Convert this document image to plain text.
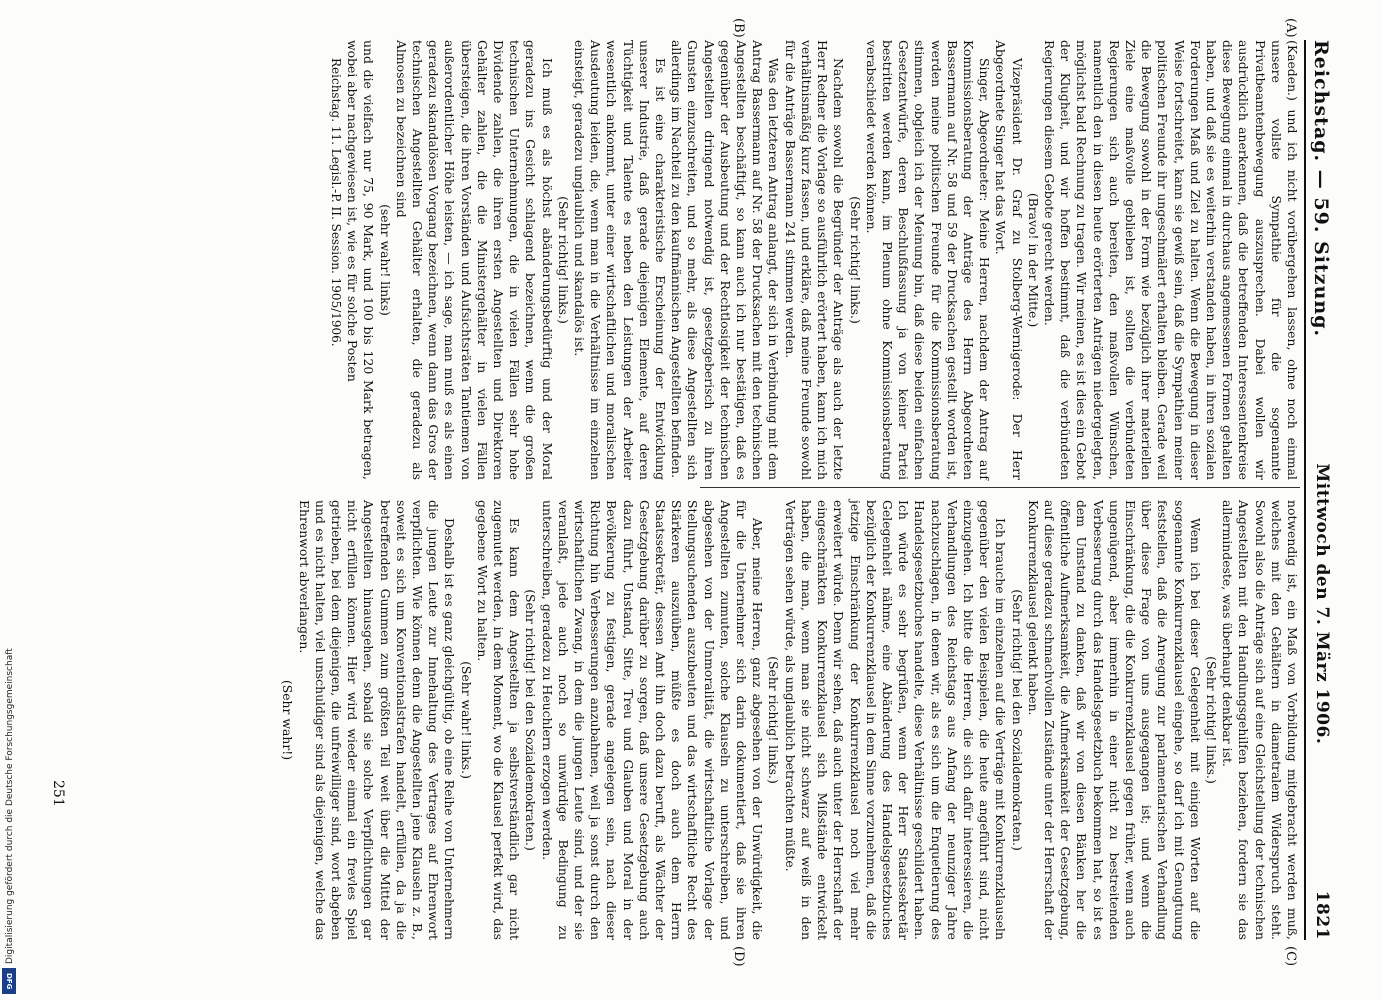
Digitalisierung gefördert durch die Deutsche Forschungsgemeinschaft
DFG
Reichstag. — 59. Sitzung.
Mittwoch den 7. März 1906. 1821
(A)
(B)
(C)
(D)

(Kaeden.) und ich nicht vorübergehen lassen, ohne noch einmal unsere vollste Sympathie für die sogenannte Privatbeamtenbewegung auszusprechen. Dabei wollen wir ausdrücklich anerkennen, daß die betreffenden Interessentenkreise diese Bewegung einmal in durchaus angemessenen Formen gehalten haben, und daß sie es weiterhin verstanden haben, in ihren sozialen Forderungen Maß und Ziel zu halten. Wenn die Bewegung in dieser Weise fortschreitet, kann sie gewiß sein, daß die Sympathien meiner politischen Freunde ihr ungeschmälert erhalten bleiben. Gerade weil die Bewegung sowohl in der Form wie bezüglich ihrer materiellen Ziele eine maßvolle geblieben ist, sollten die verbündeten Regierungen sich auch bereiten, den maßvollen Wünschen, namentlich den in diesen heute erörterten Anträgen niedergelegten, möglichst bald Rechnung zu tragen. Wir meinen, es ist dies ein Gebot der Klugheit, und wir hoffen bestimmt, daß die verbündeten Regierungen diesem Gebote gerecht werden.

(Bravo! in der Mitte.)

Vizepräsident Dr. Graf zu Stolberg-Wernigerode: Der Herr Abgeordnete Singer hat das Wort.

Singer, Abgeordneter: Meine Herren, nachdem der Antrag auf Kommissionsberatung der Anträge des Herrn Abgeordneten Bassermann auf Nr. 58 und 59 der Drucksachen gestellt worden ist, werden meine politischen Freunde für die Kommissionsberatung stimmen, obgleich ich der Meinung bin, daß diese beiden einfachen Gesetzentwürfe, deren Beschlußfassung ja von keiner Partei bestritten werden kann, im Plenum ohne Kommissionsberatung verabschiedet werden können.

(Sehr richtig! links.)

Nachdem sowohl die Begründer der Anträge als auch der letzte Herr Redner die Vorlage so ausführlich erörtert haben, kann ich mich verhältnismäßig kurz fassen, und erkläre, daß meine Freunde sowohl für die Anträge Bassermann 241 stimmen werden.

Was den letzteren Antrag anlangt, der sich in Verbindung mit dem Antrag Bassermann auf Nr. 58 der Drucksachen mit den technischen Angestellten beschäftigt, so kann auch ich nur bestätigen, daß es gegenüber der Ausbeutung und der Rechtlosigkeit der technischen Angestellten dringend notwendig ist, gesetzgeberisch zu ihren Gunsten einzuschreiten, und so mehr, als diese Angestellten sich allerdings im Nachteil zu den kaufmännischen Angestellten befinden.

Es ist eine charakteristische Erscheinung der Entwicklung unserer Industrie, daß gerade diejenigen Elemente, auf deren Tüchtigkeit und Talente es neben den Leistungen der Arbeiter wesentlich ankommt, unter einer wirtschaftlichen und moralischen Ausdeutung leiden, die, wenn man in die Verhältnisse im einzelnen einsteigt, geradezu unglaublich und skandalös ist.

(Sehr richtig! links.)

Ich muß es als höchst abänderungsbedürftig und der Moral geradezu ins Gesicht schlagend bezeichnen, wenn die großen technischen Unternehmungen, die in vielen Fällen sehr hohe Dividende zahlen, die ihren ersten Angestellten und Direktoren Gehälter zahlen, die die Ministergehälter in vielen Fällen übersteigen, die ihren Vorständen und Aufsichtsräten Tantiemen von außerordentlicher Höhe leisten, — ich sage, man muß es als einen geradezu skandalösen Vorgang bezeichnen, wenn dann das Gros der technischen Angestellten Gehälter erhalten, die geradezu als Almosen zu bezeichnen sind

(sehr wahr! links)

und die vielfach nur 75, 90 Mark, und 100 bis 120 Mark betragen, wobei aber nachgewiesen ist, wie es für solche Posten

Reichstag. 11. Legisl.-P. II. Session. 1905/1906.

notwendig ist, ein Maß von Vorbildung mitgebracht werden muß, welches mit den Gehältern in diametralem Widerspruch steht. Sowohl also die Anträge sich auf eine Gleichstellung der technischen Angestellten mit den Handlungsgehilfen beziehen, fordern sie das allermindeste, was überhaupt denkbar ist.

(Sehr richtig! links.)

Wenn ich bei dieser Gelegenheit mit einigen Worten auf die sogenannte Konkurrenzklausel eingehe, so darf ich mit Genugtuung feststellen, daß die Anregung zur parlamentarischen Verhandlung über diese Frage von uns ausgegangen ist; und wenn die Einschränkung, die die Konkurrenzklausel gegen früher, wenn auch ungenügend, aber immerhin in einer nicht zu bestreitenden Verbesserung durch das Handelsgesetzbuch bekommen hat, so ist es dem Umstand zu danken, daß wir von diesen Bänken her die öffentliche Aufmerksamkeit, die Aufmerksamkeit der Gesetzgebung, auf diese geradezu schmachvollen Zustände unter der Herrschaft der Konkurrenzklausel gelenkt haben.

(Sehr richtig! bei den Sozialdemokraten.)

Ich brauche im einzelnen auf die Verträge mit Konkurrenzklauseln gegenüber den vielen Beispielen, die heute angeführt sind, nicht einzugehen. Ich bitte die Herren, die sich dafür interessieren, die Verhandlungen des Reichstags aus Anfang der neunziger Jahre nachzuschlagen, in denen wir, als es sich um die Enquetierung des Handelsgesetzbuches handelte, diese Verhältnisse geschildert haben. Ich würde es sehr begrüßen, wenn der Herr Staatssekretär Gelegenheit nähme, eine Abänderung des Handelsgesetzbuches bezüglich der Konkurrenzklausel in dem Sinne vorzunehmen, daß die jetzige Einschränkung der Konkurrenzklausel noch viel mehr erweitert würde. Denn wir sehen, daß auch unter der Herrschaft der eingeschränkten Konkurrenzklausel sich Mißstände entwickelt haben, die man, wenn man sie nicht schwarz auf weiß in den Verträgen sehen würde, als unglaublich betrachten müßte.

(Sehr richtig! links.)

Aber, meine Herren, ganz abgesehen von der Unwürdigkeit, die für die Unternehmer sich darin dokumentiert, daß sie ihren Angestellten zumuten, solche Klauseln zu unterschreiben, und abgesehen von der Unmoralität, die wirtschaftliche Vorlage der Stellungsuchenden auszubeuten und das wirtschaftliche Recht des Stärkeren auszuüben, müßte es doch auch dem Herrn Staatssekretär, dessen Amt ihn doch dazu beruft, als Wächter der Gesetzgebung darüber zu sorgen, daß unsere Gesetzgebung auch dazu führt, Unstand, Sitte, Treu und Glauben und Moral in der Bevölkerung zu festigen, gerade angelegen sein, nach dieser Richtung hin Verbesserungen anzubahnen, weil ja sonst durch den wirtschaftlichen Zwang, in dem die jungen Leute sind, und der sie veranlaßt, jede auch noch so unwürdige Bedingung zu unterschreiben, geradezu zu Heuchlern erzogen werden.

(Sehr richtig! bei den Sozialdemokraten.)

Es kann dem Angestellten ja selbstverständlich gar nicht zugemutet werden, in dem Moment, wo die Klausel perfekt wird, das gegebene Wort zu halten.

(Sehr wahr! links.)

Deshalb ist es ganz gleichgültig, ob eine Reihe von Unternehmern die jungen Leute zur Innehaltung des Vertrages auf Ehrenwort verpflichten. Wie können denn die Angestellten jene Klauseln z. B., soweit es sich um Konventionalstrafen handelt, erfüllen, da ja die betreffenden Gummen zum größten Teil weit über die Mittel der Angestellten hinausgehen, sobald sie solche Verpflichtungen gar nicht erfüllen können. Hier wird wieder einmal ein frevles Spiel getrieben, bei dem diejenigen, die unfreiwilliger sind, wort abgeben und es nicht halten, viel unschuldiger sind als diejenigen, welche das Ehrenwort abverlangen.

(Sehr wahr!)

251
